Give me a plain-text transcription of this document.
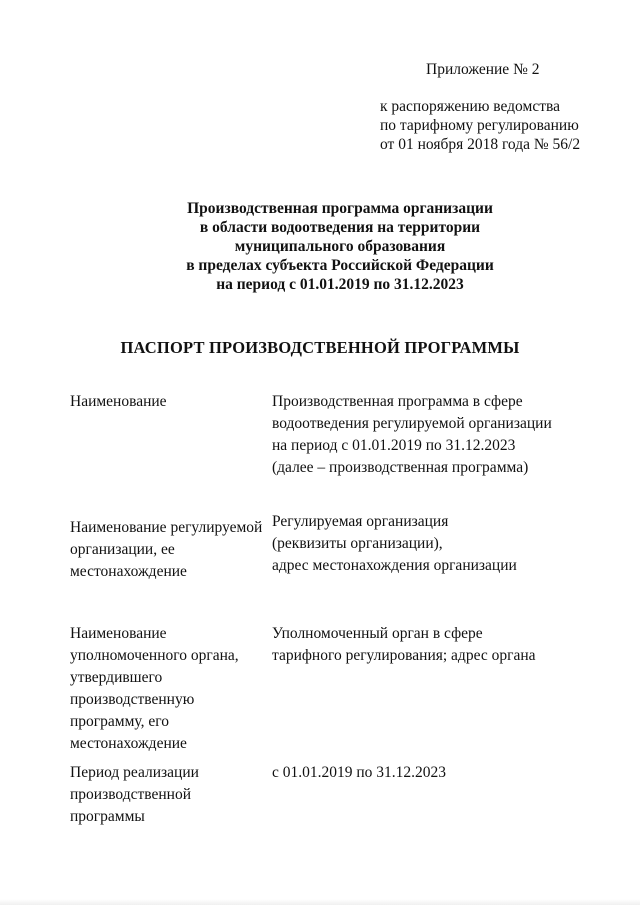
Приложение № 2
к распоряжению ведомства
по тарифному регулированию
от 01 ноября 2018 года № 56/2
Производственная программа организации
в области водоотведения на территории
муниципального образования
в пределах субъекта Российской Федерации
на период с 01.01.2019 по 31.12.2023
ПАСПОРТ ПРОИЗВОДСТВЕННОЙ ПРОГРАММЫ
Наименование	Производственная программа в сфере
водоотведения регулируемой организации
на период с 01.01.2019 по 31.12.2023
(далее – производственная программа)
Наименование регулируемой
организации, ее
местонахождение
Регулируемая организация
(реквизиты организации),
адрес местонахождения организации
Наименование
уполномоченного органа,
утвердившего
производственную
программу, его
местонахождение
Уполномоченный орган в сфере
тарифного регулирования; адрес органа
Период реализации
производственной
программы
с 01.01.2019 по 31.12.2023
